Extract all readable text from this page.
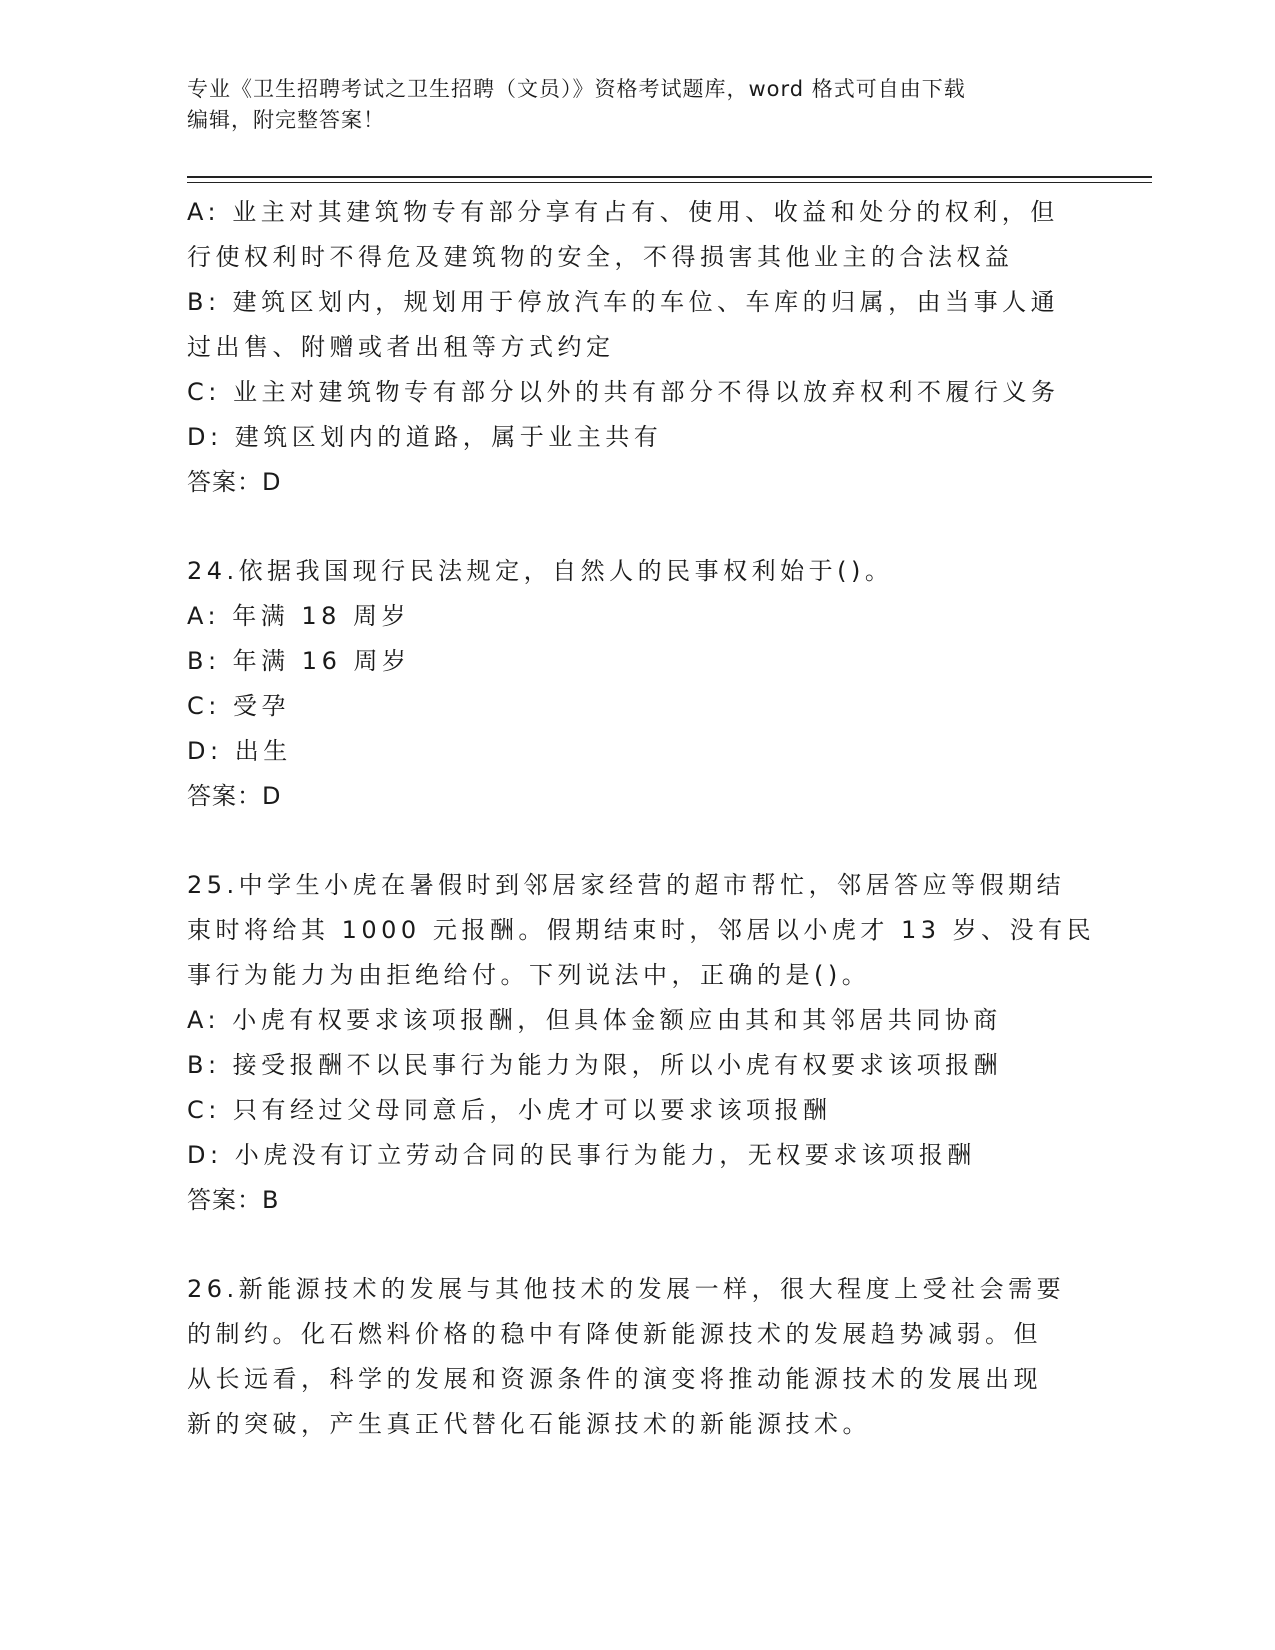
专业《卫生招聘考试之卫生招聘（文员）》资格考试题库，word 格式可自由下载
编辑，附完整答案！
A: 业主对其建筑物专有部分享有占有、使用、收益和处分的权利，但
行使权利时不得危及建筑物的安全，不得损害其他业主的合法权益
B: 建筑区划内，规划用于停放汽车的车位、车库的归属，由当事人通
过出售、附赠或者出租等方式约定
C: 业主对建筑物专有部分以外的共有部分不得以放弃权利不履行义务
D: 建筑区划内的道路，属于业主共有
答案：D
24.依据我国现行民法规定，自然人的民事权利始于()。
A: 年满 18 周岁
B: 年满 16 周岁
C: 受孕
D: 出生
答案：D
25.中学生小虎在暑假时到邻居家经营的超市帮忙，邻居答应等假期结
束时将给其 1000 元报酬。假期结束时，邻居以小虎才 13 岁、没有民
事行为能力为由拒绝给付。下列说法中，正确的是()。
A: 小虎有权要求该项报酬，但具体金额应由其和其邻居共同协商
B: 接受报酬不以民事行为能力为限，所以小虎有权要求该项报酬
C: 只有经过父母同意后，小虎才可以要求该项报酬
D: 小虎没有订立劳动合同的民事行为能力，无权要求该项报酬
答案：B
26.新能源技术的发展与其他技术的发展一样，很大程度上受社会需要
的制约。化石燃料价格的稳中有降使新能源技术的发展趋势减弱。但
从长远看，科学的发展和资源条件的演变将推动能源技术的发展出现
新的突破，产生真正代替化石能源技术的新能源技术。
